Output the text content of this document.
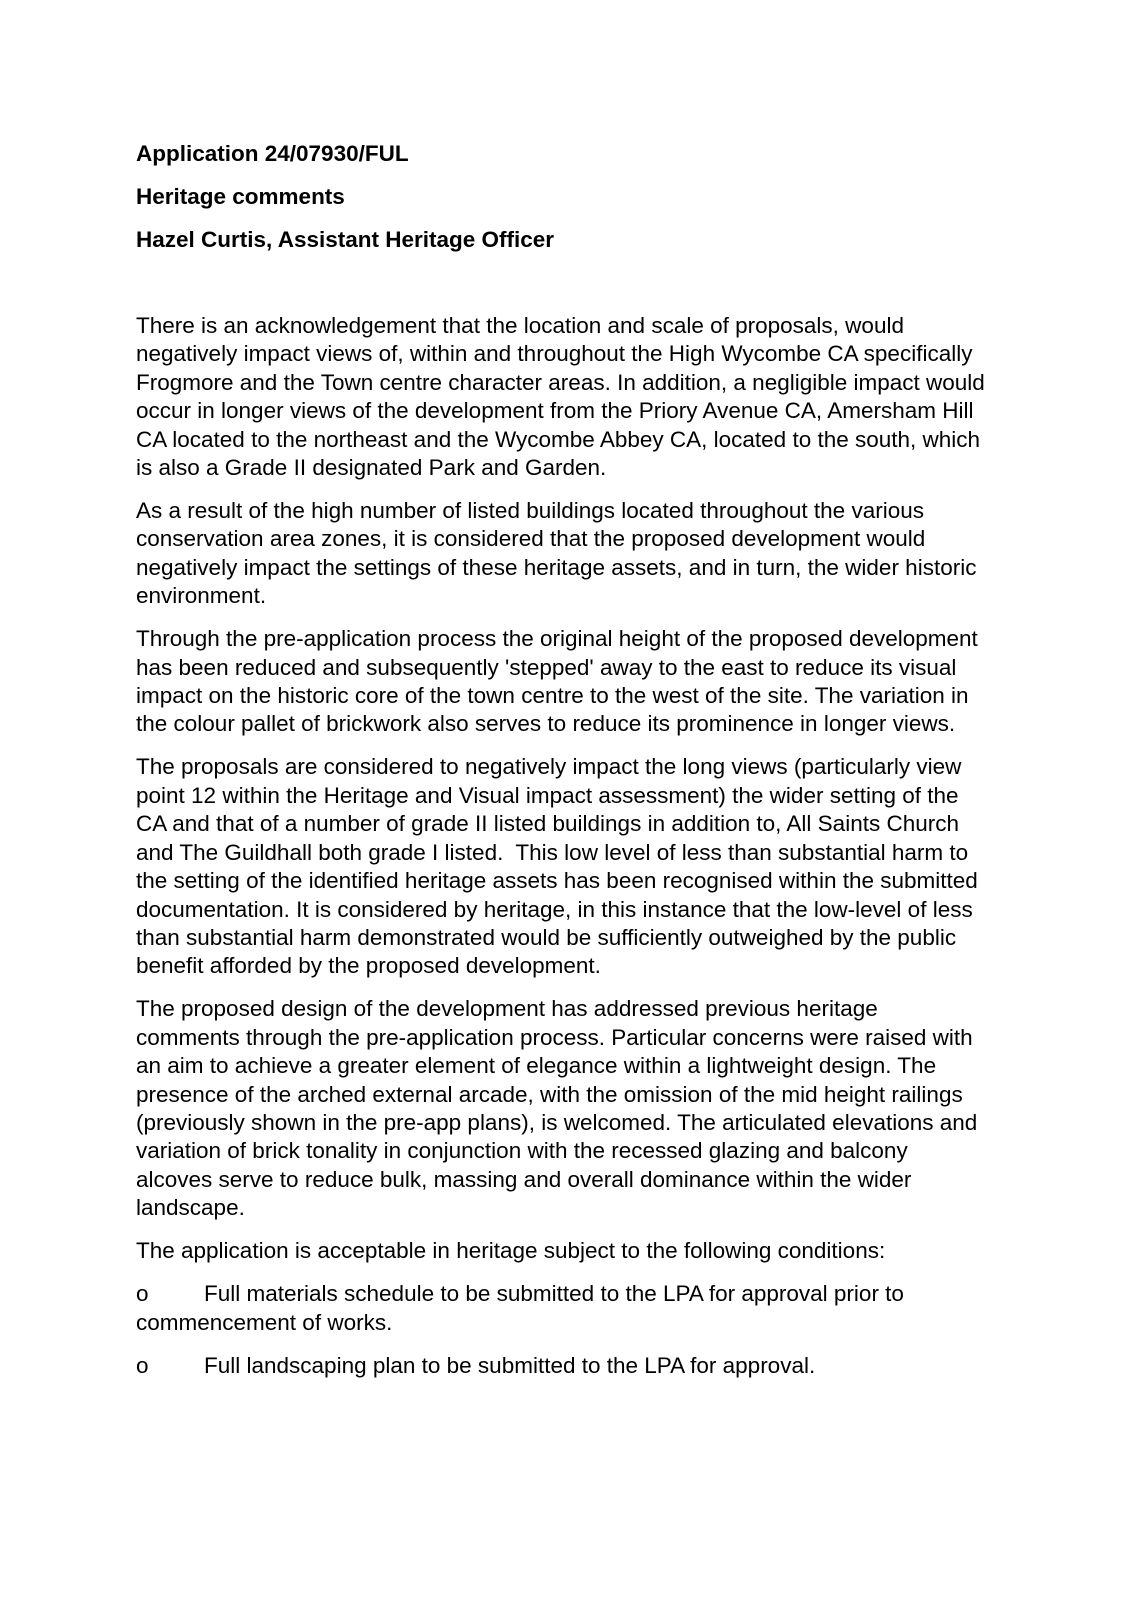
Application 24/07930/FUL

Heritage comments

Hazel Curtis, Assistant Heritage Officer

There is an acknowledgement that the location and scale of proposals, would negatively impact views of, within and throughout the High Wycombe CA specifically Frogmore and the Town centre character areas. In addition, a negligible impact would occur in longer views of the development from the Priory Avenue CA, Amersham Hill CA located to the northeast and the Wycombe Abbey CA, located to the south, which is also a Grade II designated Park and Garden.

As a result of the high number of listed buildings located throughout the various conservation area zones, it is considered that the proposed development would negatively impact the settings of these heritage assets, and in turn, the wider historic environment.

Through the pre-application process the original height of the proposed development has been reduced and subsequently 'stepped' away to the east to reduce its visual impact on the historic core of the town centre to the west of the site. The variation in the colour pallet of brickwork also serves to reduce its prominence in longer views.

The proposals are considered to negatively impact the long views (particularly view point 12 within the Heritage and Visual impact assessment) the wider setting of the CA and that of a number of grade II listed buildings in addition to, All Saints Church and The Guildhall both grade I listed.  This low level of less than substantial harm to the setting of the identified heritage assets has been recognised within the submitted documentation. It is considered by heritage, in this instance that the low-level of less than substantial harm demonstrated would be sufficiently outweighed by the public benefit afforded by the proposed development.

The proposed design of the development has addressed previous heritage comments through the pre-application process. Particular concerns were raised with an aim to achieve a greater element of elegance within a lightweight design. The presence of the arched external arcade, with the omission of the mid height railings (previously shown in the pre-app plans), is welcomed. The articulated elevations and variation of brick tonality in conjunction with the recessed glazing and balcony alcoves serve to reduce bulk, massing and overall dominance within the wider landscape.

The application is acceptable in heritage subject to the following conditions:

o Full materials schedule to be submitted to the LPA for approval prior to commencement of works.

o Full landscaping plan to be submitted to the LPA for approval.
